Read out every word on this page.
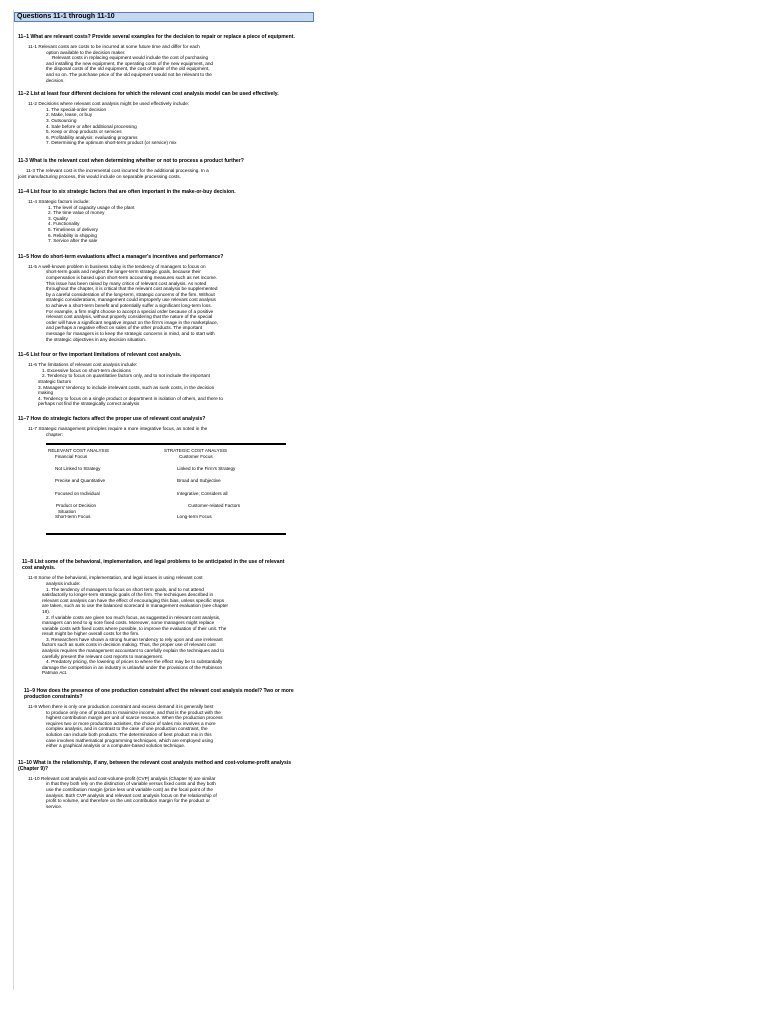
Questions 11-1 through 11-10
11–1 What are relevant costs? Provide several examples for the decision to repair or replace a piece of equipment.
11-1 Relevant costs are costs to be incurred at some future time and differ for each
option available to the decision maker.
Relevant costs in replacing equipment would include the cost of purchasing
and installing the new equipment, the operating costs of the new equipment, and
the disposal costs of the old equipment, the cost of repair of the old equipment,
and so on. The purchase price of the old equipment would not be relevant to the
decision.
11–2 List at least four different decisions for which the relevant cost analysis model can be used effectively.
11-2 Decisions where relevant cost analysis might be used effectively include:
1. The special-order decision
2. Make, lease, or buy
3. Outsourcing
4. Sale before or after additional processing
5. Keep or drop products or services
6. Profitability analysis: evaluating programs
7. Determining the optimum short-term product (or service) mix
11-3 What is the relevant cost when determining whether or not to process a product further?
11-3 The relevant cost is the incremental cost incurred for the additional processing. In a
joint manufacturing process, this would include on separable processing costs.
11–4 List four to six strategic factors that are often important in the make-or-buy decision.
11-4 Strategic factors include:
1. The level of capacity usage of the plant
2. The time value of money
3. Quality
4. Functionality
5. Timeliness of delivery
6. Reliability in shipping
7. Service after the sale
11–5 How do short-term evaluations affect a manager's incentives and performance?
11-5 A well-known problem in business today is the tendency of managers to focus on
short-term goals and neglect the longer-term strategic goals, because their
compensation is based upon short-term accounting measures such as net income.
This issue has been raised by many critics of relevant cost analysis. As noted
throughout the chapter, it is critical that the relevant cost analysis be supplemented
by a careful consideration of the long-term, strategic concerns of the firm. Without
strategic considerations, management could improperly use relevant cost analysis
to achieve a short-term benefit and potentially suffer a significant long-term loss.
For example, a firm might choose to accept a special order because of a positive
relevant cost analysis, without properly considering that the nature of the special
order will have a significant negative impact on the firm's image in the marketplace,
and perhaps a negative effect on sales of the other products. The important
message for managers is to keep the strategic concerns in mind, and to start with
the strategic objectives in any decision situation.
11–6 List four or five important limitations of relevant cost analysis.
11-6 The limitations of relevant cost analysis include:
1. Excessive focus on short-term decisions
2. Tendency to focus on quantitative factors only, and to not include the important
strategic factors
3. Managers' tendency to include irrelevant costs, such as sunk costs, in the decision
making
4. Tendency to focus on a single product or department in isolation of others, and there to
perhaps not find the strategically correct analysis
11–7 How do strategic factors affect the proper use of relevant cost analysis?
11-7 Strategic management principles require a more integrative focus, as noted in the
chapter:
RELEVANT COST ANALYSIS	STRATEGIC COST ANALYSIS
Financial Focus	Customer Focus
Not Linked to Strategy	Linked to the Firm's Strategy
Precise and Quantitative	Broad and Subjective
Focused on Individual	Integrative; Considers all
Product or Decision	Customer-related Factors
Situation
Short-term Focus	Long-term Focus
11–8 List some of the behavioral, implementation, and legal problems to be anticipated in the use of relevant cost analysis.
11-8 Some of the behavioral, implementation, and legal issues in using relevant cost
analysis include:
1. The tendency of managers to focus on short term goals, and to not attend
satisfactorily to longer-term strategic goals of the firm. The techniques described in
relevant cost analysis can have the effect of encouraging this bias, unless specific steps
are taken, such as to use the balanced scorecard in management evaluation (see chapter
18).
2. If variable costs are given too much focus, as suggested in relevant cost analysis,
managers can tend to ig nore fixed costs. Moreover, some managers might replace
variable costs with fixed costs where possible, to improve the evaluation of their unit. The
result might be higher overall costs for the firm.
3. Researchers have shown a strong human tendency to rely upon and use irrelevant
factors such as sunk costs in decision making. Thus, the proper use of relevant cost
analysis requires the management accountant to carefully explain the techniques and to
carefully present the relevant cost reports to management.
4. Predatory pricing, the lowering of prices to where the effect may be to substantially
damage the competition in an industry is unlawful under the provisions of the Robinson
Patman Act.
11–9 How does the presence of one production constraint affect the relevant cost analysis model? Two or more production constraints?
11-9 When there is only one production constraint and excess demand it is generally best
to produce only one of products to maximize income, and that is the product with the
highest contribution margin per unit of scarce resource. When the production process
requires two or more production activities, the choice of sales mix involves a more
complex analysis, and in contrast to the case of one production constraint, the
solution can include both products. The determination of best product mix in this
case involves mathematical programming techniques, which are employed using
either a graphical analysis or a computer-based solution technique.
11–10 What is the relationship, if any, between the relevant cost analysis method and cost-volume-profit analysis (Chapter 9)?
11-10 Relevant cost analysis and cost-volume-profit (CVP) analysis (Chapter 9) are similar
in that they both rely on the distinction of variable versus fixed costs and they both
use the contribution margin (price less unit variable cost) as the focal point of the
analysis. Both CVP analysis and relevant cost analysis focus on the relationship of
profit to volume, and therefore on the unit contribution margin for the product or
service.
